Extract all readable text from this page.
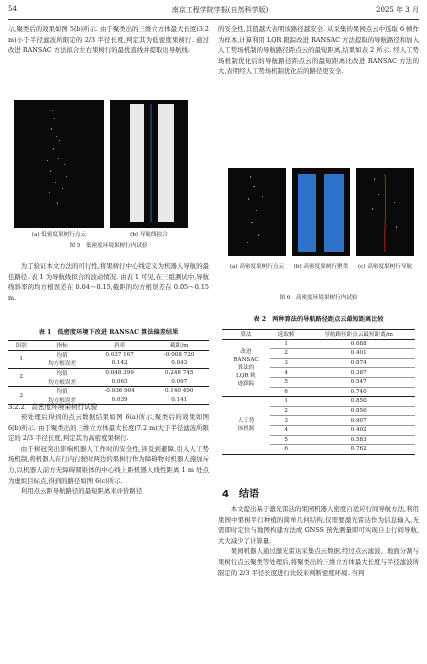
54	南京工程学院学报(自然科学版)	2025 年 3 月

示,聚类后的效果如图 5(b)所示. 由于聚类出的三维立方体最大长度(3.2 m)小于半径滤波所限定的 2/3 半径长度,判定其为低密度果树行. 通过改进 RANSAC 方法拟合左右果树行的最优直线并提取出导航线.

(a) 低密度果树行点云	(b) 导航线拟合
图 5　低密度环境果树行内试验

为了验证本文方法的可行性,将果树行中心线定义为机器人导航的最佳路径. 表 1 为导航线拟合的波动情况. 由表 1 可见,在三组测试中,导航线斜率的均方根误差在 0.04～0.15,截距的均方根误差在 0.05～0.15 m.

表 1　低密度环境下改进 RANSAC 算法偏差结果
组别	指标	斜率	截距/m
1	均值	0.037 167	-0.008 720
	均方根误差	0.142	0.043
2	均值	0.048 399	0.248 745
	均方根误差	0.063	0.097
3	均值	-0.036 904	0.140 490
	均方根误差	0.039	0.141
3.2.2　高密度环境果树行试验

预处理后得到的点云数据结果如图 6(a)所示,聚类后的效果如图 6(b)所示. 由于聚类出的三维立方体最大长度(7.2 m)大于半径滤波所限定的 2/3 半径长度,判定其为高密度果树行.

由于树冠突出影响机器人工作时的安全性,涉及到避障,引入人工势场机制,将机器人在行内行驶时两边的果树行作为障碍物对机器人施加斥力,以机器人前方无障碍圆锥体的中心线上距机器人线性距离 1 m 处点为虚拟目标点,得到的路径如图 6(c)所示.

利用点云距导航路径的最短距离来评价路径

的安全性,其值越大表明该路径越安全. 从采集的果园点云中选取 6 帧作为样本,计算利用 LQR 跟踪改进 RANSAC 方法提取的导航路径和加入人工势场机制的导航路径距点云的最短距离,结果如表 2 所示. 经人工势场机制优化后的导航路径距点云的最短距离比改进 RANSAC 方法的大,表明经人工势场机制优化后的路径更安全.

(a) 高密度果树行点云	(b) 高密度果树行聚类	(c) 高密度果树行导航
图 6　高密度环境果树行内试验
表 2　两种算法的导航路径距点云最短距离比较
算法	选取帧	导航路径距点云最短距离/m

改进
RANSAC
算法的
LQR 轨
迹跟踪	1	0.688
	2	0.401
	3	0.874
	4	0.387
	5	0.547
	6	0.740

人工势
场机制	1	0.850
	2	0.856
	3	0.907
	4	0.402
	5	0.583
	6	0.762
4　结语

本文提出基于激光雷达的果园机器人密度自适应行间导航方法,利用果园中果树平行种植的简单几何结构,仅需要激光雷达作为信息输入,无需即时定位与地图构建方法或 GNSS 预先测量即可实现自主行间导航,大大减少了计算量.

果园机器人通过激光雷达采集点云数据,经过点云滤波、地面分割与果树行点云聚类等处理后,将聚类出的三维立方体最大长度与半径滤波所限定的 2/3 半径长度进行比较来判断密度环境. 当判
